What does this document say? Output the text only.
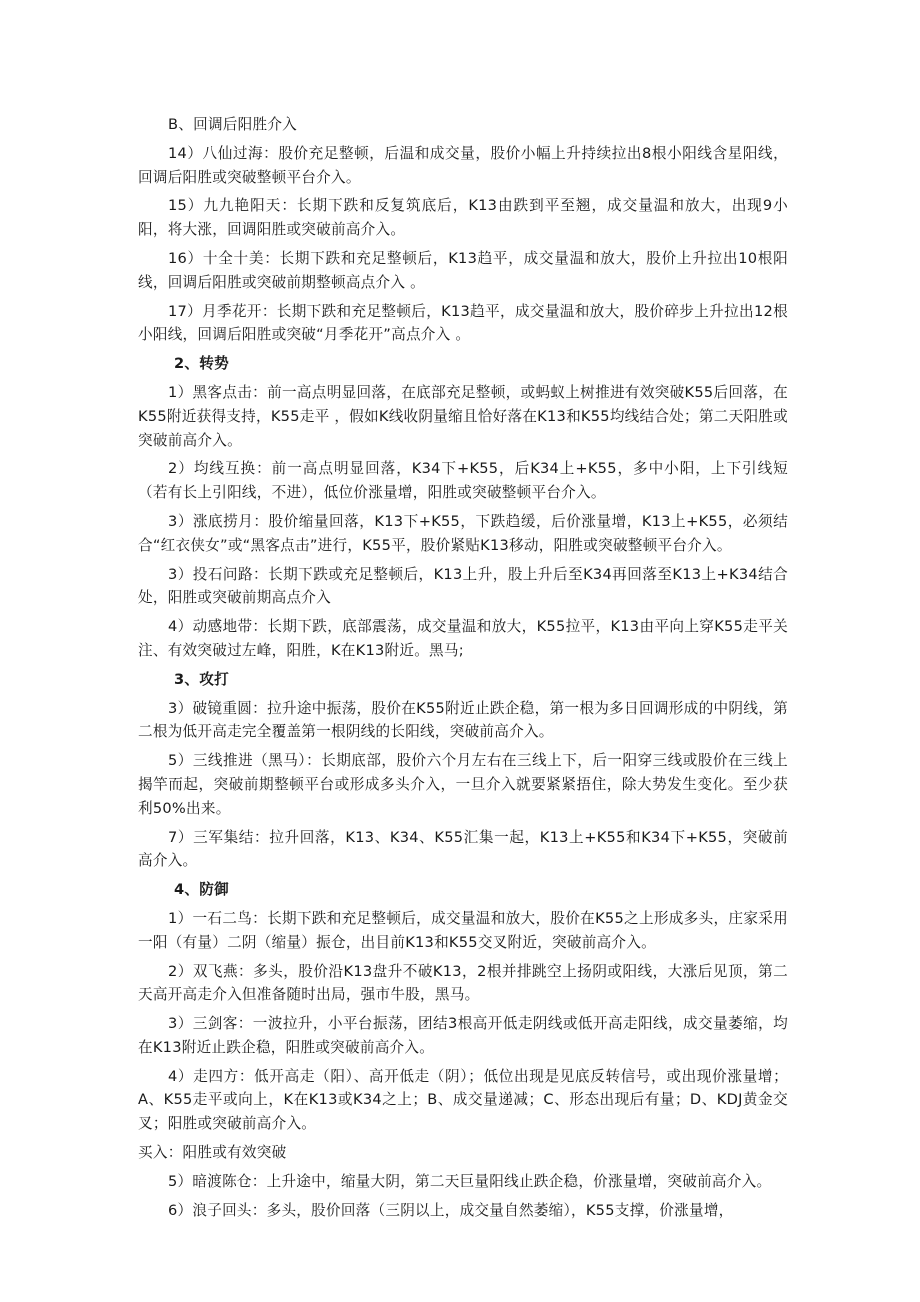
B、回调后阳胜介入

14）八仙过海：股价充足整顿，后温和成交量，股价小幅上升持续拉出8根小阳线含星阳线，回调后阳胜或突破整顿平台介入。

15）九九艳阳天：长期下跌和反复筑底后，K13由跌到平至翘，成交量温和放大，出现9小阳，将大涨，回调阳胜或突破前高介入。

16）十全十美：长期下跌和充足整顿后，K13趋平，成交量温和放大，股价上升拉出10根阳线，回调后阳胜或突破前期整顿高点介入 。

17）月季花开：长期下跌和充足整顿后，K13趋平，成交量温和放大，股价碎步上升拉出12根小阳线，回调后阳胜或突破“月季花开”高点介入 。

2、转势

1）黑客点击：前一高点明显回落，在底部充足整顿，或蚂蚁上树推进有效突破K55后回落，在K55附近获得支持，K55走平 ，假如K线收阴量缩且恰好落在K13和K55均线结合处；第二天阳胜或突破前高介入。

2）均线互换：前一高点明显回落，K34下+K55，后K34上+K55，多中小阳，上下引线短（若有长上引阳线，不进），低位价涨量增，阳胜或突破整顿平台介入。

3）涨底捞月：股价缩量回落，K13下+K55，下跌趋缓，后价涨量增，K13上+K55，必须结合“红衣侠女”或“黑客点击”进行，K55平，股价紧贴K13移动，阳胜或突破整顿平台介入。

3）投石问路：长期下跌或充足整顿后，K13上升，股上升后至K34再回落至K13上+K34结合处，阳胜或突破前期高点介入

4）动感地带：长期下跌，底部震荡，成交量温和放大，K55拉平，K13由平向上穿K55走平关注、有效突破过左峰，阳胜，K在K13附近。黑马;

3、攻打

3）破镜重圆：拉升途中振荡，股价在K55附近止跌企稳，第一根为多日回调形成的中阴线，第二根为低开高走完全覆盖第一根阴线的长阳线，突破前高介入。

5）三线推进（黑马）：长期底部，股价六个月左右在三线上下，后一阳穿三线或股价在三线上揭竿而起，突破前期整顿平台或形成多头介入，一旦介入就要紧紧捂住，除大势发生变化。至少获利50%出来。

7）三军集结：拉升回落，K13、K34、K55汇集一起，K13上+K55和K34下+K55，突破前高介入。

4、防御

1）一石二鸟：长期下跌和充足整顿后，成交量温和放大，股价在K55之上形成多头，庄家采用一阳（有量）二阴（缩量）振仓，出目前K13和K55交叉附近，突破前高介入。

2）双飞燕：多头，股价沿K13盘升不破K13，2根并排跳空上扬阴或阳线，大涨后见顶，第二天高开高走介入但准备随时出局，强市牛股，黑马。

3）三剑客：一波拉升，小平台振荡，团结3根高开低走阴线或低开高走阳线，成交量萎缩，均在K13附近止跌企稳，阳胜或突破前高介入。

4）走四方：低开高走（阳）、高开低走（阴）；低位出现是见底反转信号，或出现价涨量增；A、K55走平或向上，K在K13或K34之上；B、成交量递减；C、形态出现后有量；D、KDJ黄金交叉；阳胜或突破前高介入。

买入：阳胜或有效突破

5）暗渡陈仓：上升途中，缩量大阴，第二天巨量阳线止跌企稳，价涨量增，突破前高介入。

6）浪子回头：多头，股价回落（三阴以上，成交量自然萎缩），K55支撑，价涨量增，
